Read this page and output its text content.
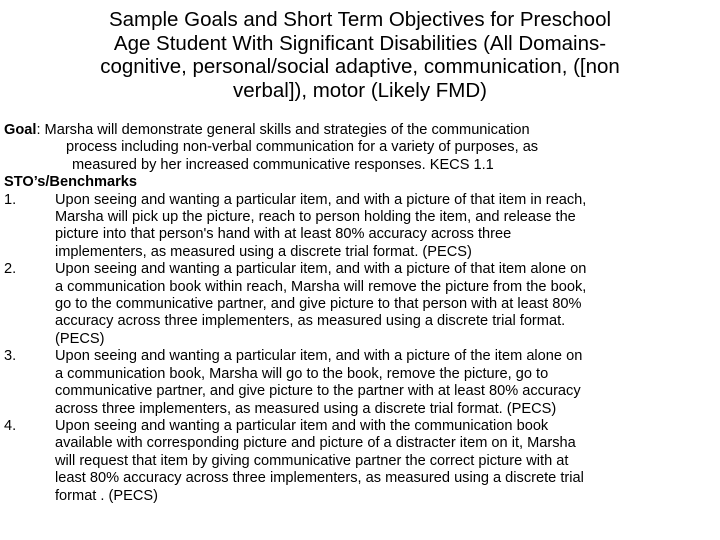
Sample Goals and Short Term Objectives for Preschool
Age Student With Significant Disabilities (All Domains-
cognitive, personal/social adaptive, communication, ([non
verbal]), motor (Likely FMD)
Goal: Marsha will demonstrate general skills and strategies of the communication
process including non-verbal communication for a variety of purposes, as
measured by her increased communicative responses. KECS 1.1
STO’s/Benchmarks
1.	Upon seeing and wanting a particular item, and with a picture of that item in reach,
Marsha will pick up the picture, reach to person holding the item, and release the
picture into that person's hand with at least 80% accuracy across three
implementers, as measured using a discrete trial format. (PECS)
2.	Upon seeing and wanting a particular item, and with a picture of that item alone on
a communication book within reach, Marsha will remove the picture from the book,
go to the communicative partner, and give picture to that person with at least 80%
accuracy across three implementers, as measured using a discrete trial format.
(PECS)
3.	Upon seeing and wanting a particular item, and with a picture of the item alone on
a communication book, Marsha will go to the book, remove the picture, go to
communicative partner, and give picture to the partner with at least 80% accuracy
across three implementers, as measured using a discrete trial format. (PECS)
4.	Upon seeing and wanting a particular item and with the communication book
available with corresponding picture and picture of a distracter item on it, Marsha
will request that item by giving communicative partner the correct picture with at
least 80% accuracy across three implementers, as measured using a discrete trial
format . (PECS)
